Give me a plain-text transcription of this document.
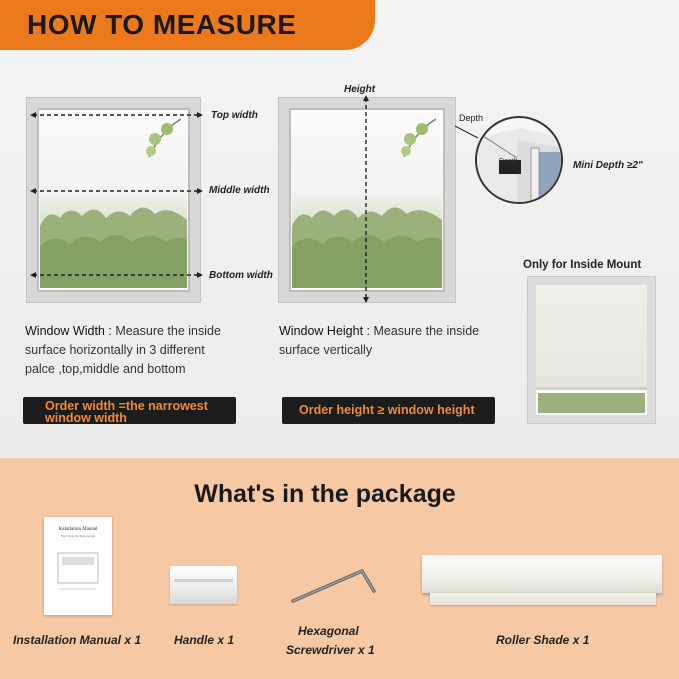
HOW TO MEASURE
Top width
Middle width
Bottom width
Height
Depth
Depth	Mini Depth ≥2"
Only for Inside Mount
Window Width : Measure the inside
surface horizontally in 3 different
palce ,top,middle and bottom
Window Height : Measure the inside
surface vertically
Order width =the narrowest
window width
Order height ≥ window height
What's in the package
Installation Manual
Fast Step-by-Step Guide
Installation Manual x 1	Handle x 1
Hexagonal
Screwdriver x 1
Roller Shade x 1
